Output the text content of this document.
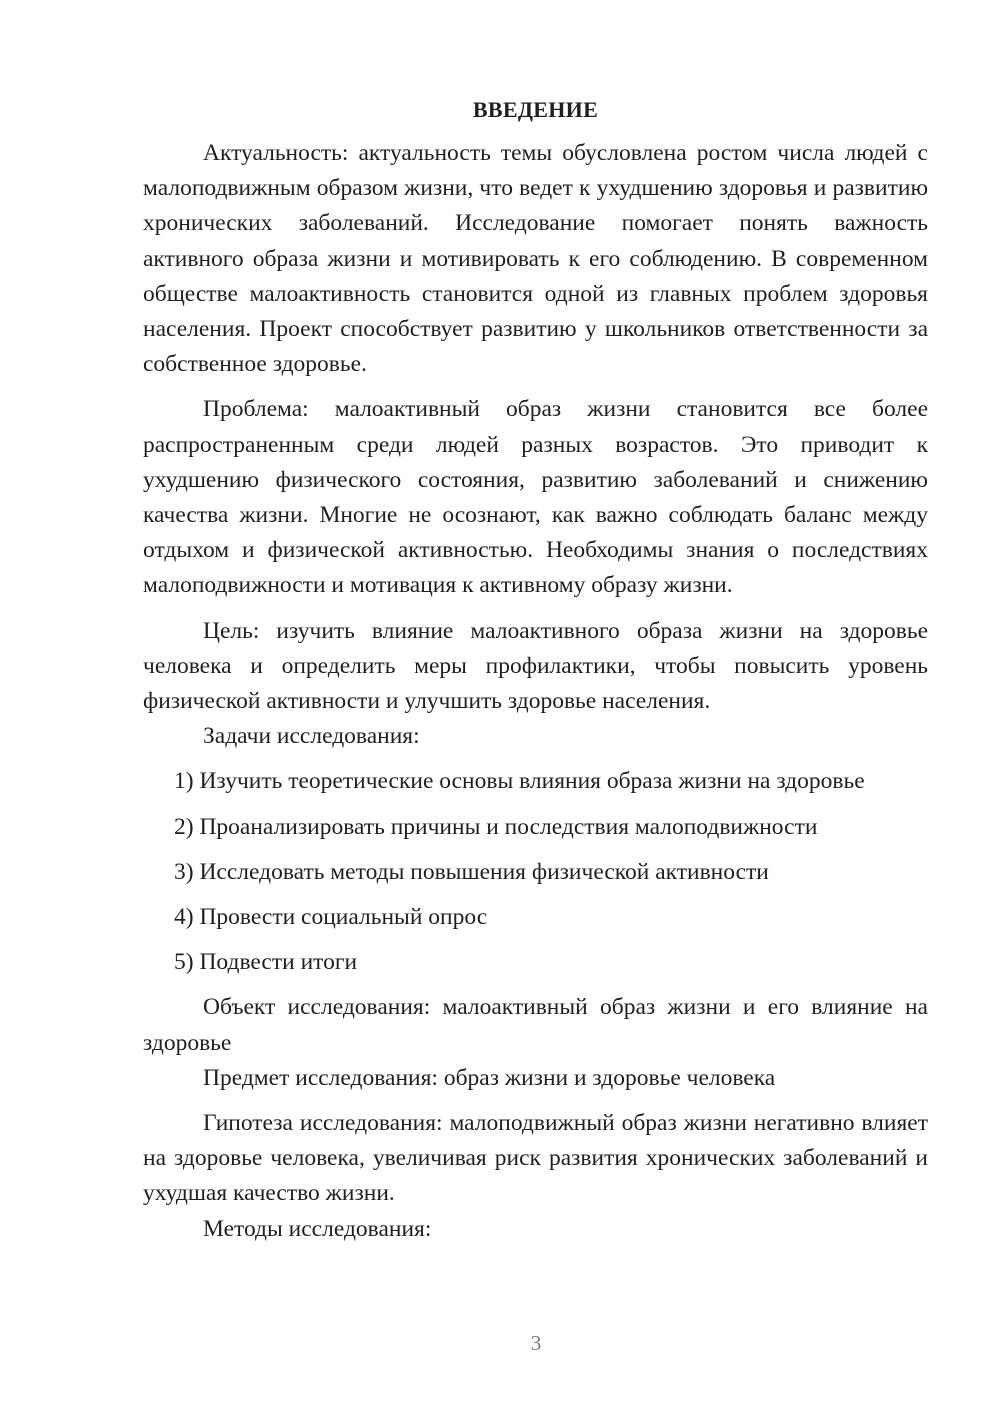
ВВЕДЕНИЕ

Актуальность: актуальность темы обусловлена ростом числа людей с малоподвижным образом жизни, что ведет к ухудшению здоровья и развитию хронических заболеваний. Исследование помогает понять важность активного образа жизни и мотивировать к его соблюдению. В современном обществе малоактивность становится одной из главных проблем здоровья населения. Проект способствует развитию у школьников ответственности за собственное здоровье.

Проблема: малоактивный образ жизни становится все более распространенным среди людей разных возрастов. Это приводит к ухудшению физического состояния, развитию заболеваний и снижению качества жизни. Многие не осознают, как важно соблюдать баланс между отдыхом и физической активностью. Необходимы знания о последствиях малоподвижности и мотивация к активному образу жизни.

Цель: изучить влияние малоактивного образа жизни на здоровье человека и определить меры профилактики, чтобы повысить уровень физической активности и улучшить здоровье населения.

Задачи исследования:

1) Изучить теоретические основы влияния образа жизни на здоровье
2) Проанализировать причины и последствия малоподвижности
3) Исследовать методы повышения физической активности
4) Провести социальный опрос
5) Подвести итоги

Объект исследования: малоактивный образ жизни и его влияние на здоровье

Предмет исследования: образ жизни и здоровье человека

Гипотеза исследования: малоподвижный образ жизни негативно влияет на здоровье человека, увеличивая риск развития хронических заболеваний и ухудшая качество жизни.

Методы исследования:

3
